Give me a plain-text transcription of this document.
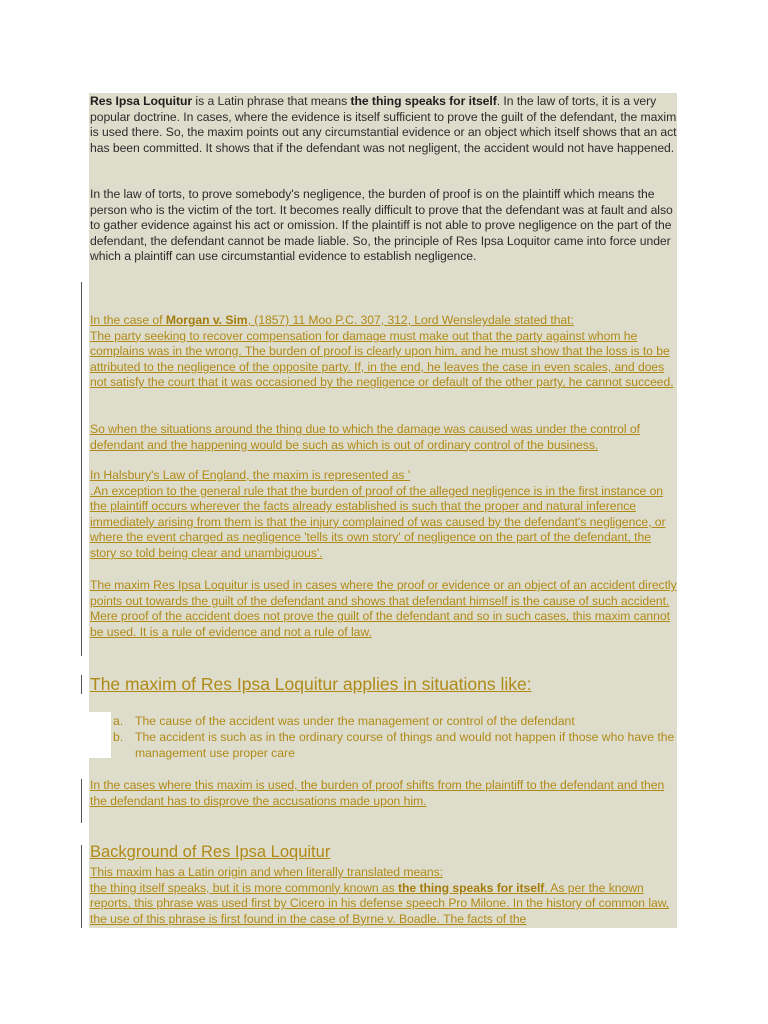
Res Ipsa Loquitur is a Latin phrase that means the thing speaks for itself. In the law of torts, it is a very popular doctrine. In cases, where the evidence is itself sufficient to prove the guilt of the defendant, the maxim is used there. So, the maxim points out any circumstantial evidence or an object which itself shows that an act has been committed. It shows that if the defendant was not negligent, the accident would not have happened.

In the law of torts, to prove somebody's negligence, the burden of proof is on the plaintiff which means the person who is the victim of the tort. It becomes really difficult to prove that the defendant was at fault and also to gather evidence against his act or omission. If the plaintiff is not able to prove negligence on the part of the defendant, the defendant cannot be made liable. So, the principle of Res Ipsa Loquitor came into force under which a plaintiff can use circumstantial evidence to establish negligence.

In the case of Morgan v. Sim, (1857) 11 Moo P.C. 307, 312, Lord Wensleydale stated that:
The party seeking to recover compensation for damage must make out that the party against whom he complains was in the wrong. The burden of proof is clearly upon him, and he must show that the loss is to be attributed to the negligence of the opposite party. If, in the end, he leaves the case in even scales, and does not satisfy the court that it was occasioned by the negligence or default of the other party, he cannot succeed.

So when the situations around the thing due to which the damage was caused was under the control of defendant and the happening would be such as which is out of ordinary control of the business.

In Halsbury's Law of England, the maxim is represented as '
.An exception to the general rule that the burden of proof of the alleged negligence is in the first instance on the plaintiff occurs wherever the facts already established is such that the proper and natural inference immediately arising from them is that the injury complained of was caused by the defendant's negligence, or where the event charged as negligence 'tells its own story' of negligence on the part of the defendant, the story so told being clear and unambiguous'.

The maxim Res Ipsa Loquitur is used in cases where the proof or evidence or an object of an accident directly points out towards the guilt of the defendant and shows that defendant himself is the cause of such accident. Mere proof of the accident does not prove the guilt of the defendant and so in such cases, this maxim cannot be used. It is a rule of evidence and not a rule of law.

The maxim of Res Ipsa Loquitur applies in situations like:
a. The cause of the accident was under the management or control of the defendant
b. The accident is such as in the ordinary course of things and would not happen if those who have the management use proper care

In the cases where this maxim is used, the burden of proof shifts from the plaintiff to the defendant and then the defendant has to disprove the accusations made upon him.

Background of Res Ipsa Loquitur

This maxim has a Latin origin and when literally translated means:
the thing itself speaks, but it is more commonly known as the thing speaks for itself. As per the known reports, this phrase was used first by Cicero in his defense speech Pro Milone. In the history of common law, the use of this phrase is first found in the case of Byrne v. Boadle. The facts of the
